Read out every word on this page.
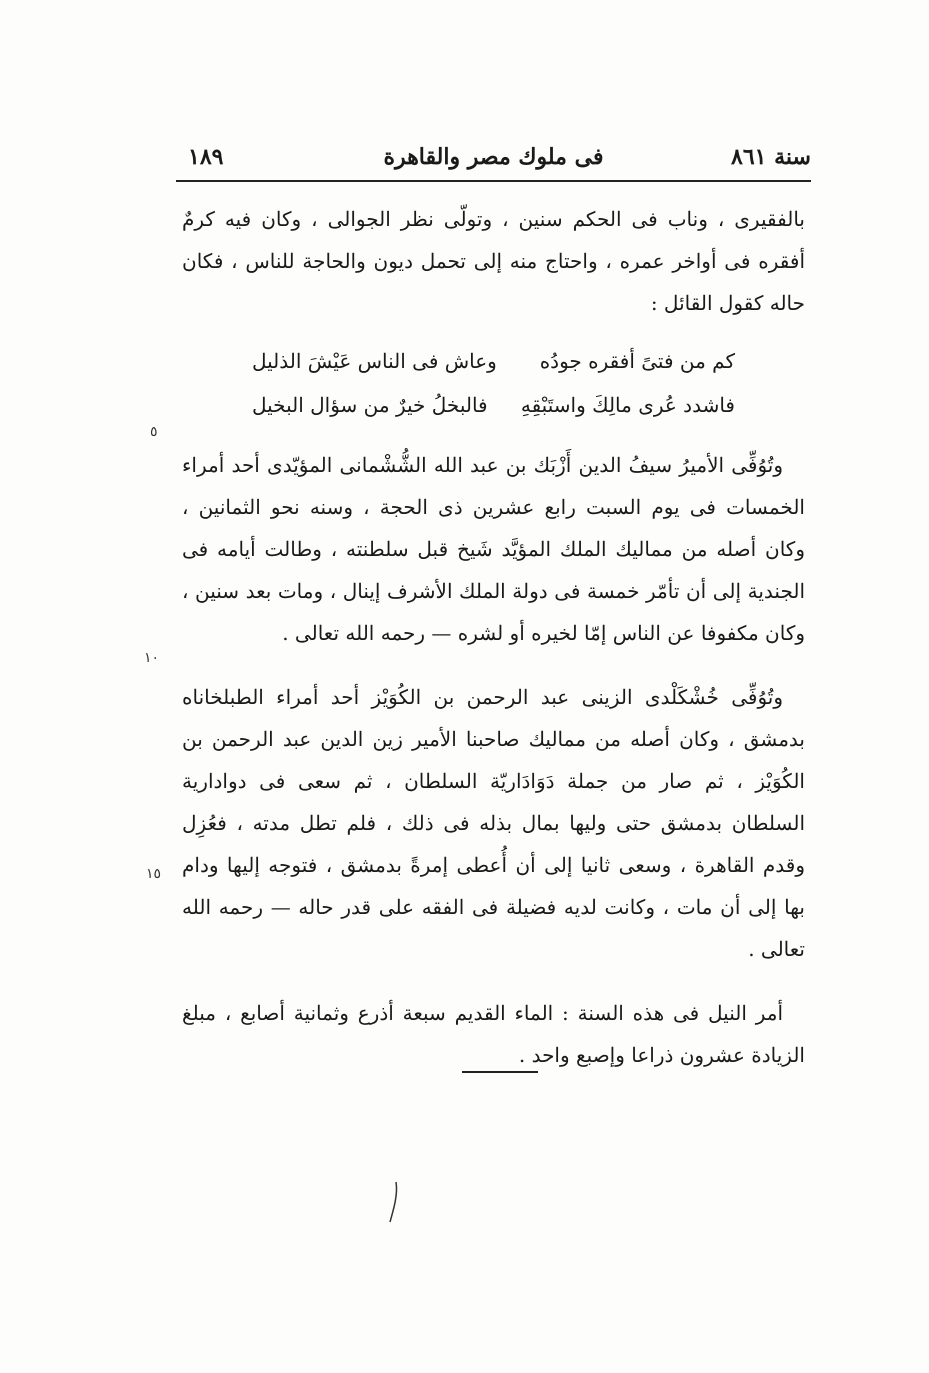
سنة ٨٦١
فى ملوك مصر والقاهرة
١٨٩

بالفقيرى ، وناب فى الحكم سنين ، وتولّى نظر الجوالى ، وكان فيه كرمٌ أفقره فى أواخر عمره ، واحتاج منه إلى تحمل ديون والحاجة للناس ، فكان حاله كقول القائل :

كم من فتىً أفقره جودُه
وعاش فى الناس عَيْشَ الذليل
فاشدد عُرى مالِكَ واستَبْقِهِ
فالبخلُ خيرٌ من سؤال البخيل

وتُوُفِّى الأميرُ سيفُ الدين أَزْبَك بن عبد الله الشُّشْمانى المؤيّدى أحد أمراء الخمسات فى يوم السبت رابع عشرين ذى الحجة ، وسنه نحو الثمانين ، وكان أصله من مماليك الملك المؤيَّد شَيخ قبل سلطنته ، وطالت أيامه فى الجندية إلى أن تأمّر خمسة فى دولة الملك الأشرف إينال ، ومات بعد سنين ، وكان مكفوفا عن الناس إمّا لخيره أو لشره — رحمه الله تعالى .

وتُوُفِّى خُشْكَلْدى الزينى عبد الرحمن بن الكُوَيْز أحد أمراء الطبلخاناه بدمشق ، وكان أصله من مماليك صاحبنا الأمير زين الدين عبد الرحمن بن الكُوَيْز ، ثم صار من جملة دَوَادَاريّة السلطان ، ثم سعى فى دوادارية السلطان بدمشق حتى وليها بمال بذله فى ذلك ، فلم تطل مدته ، فعُزِل وقدم القاهرة ، وسعى ثانيا إلى أن أُعطى إمرةً بدمشق ، فتوجه إليها ودام بها إلى أن مات ، وكانت لديه فضيلة فى الفقه على قدر حاله — رحمه الله تعالى .

أمر النيل فى هذه السنة : الماء القديم سبعة أذرع وثمانية أصابع ، مبلغ الزيادة عشرون ذراعا وإصبع واحد .

٥
١٠
١٥
